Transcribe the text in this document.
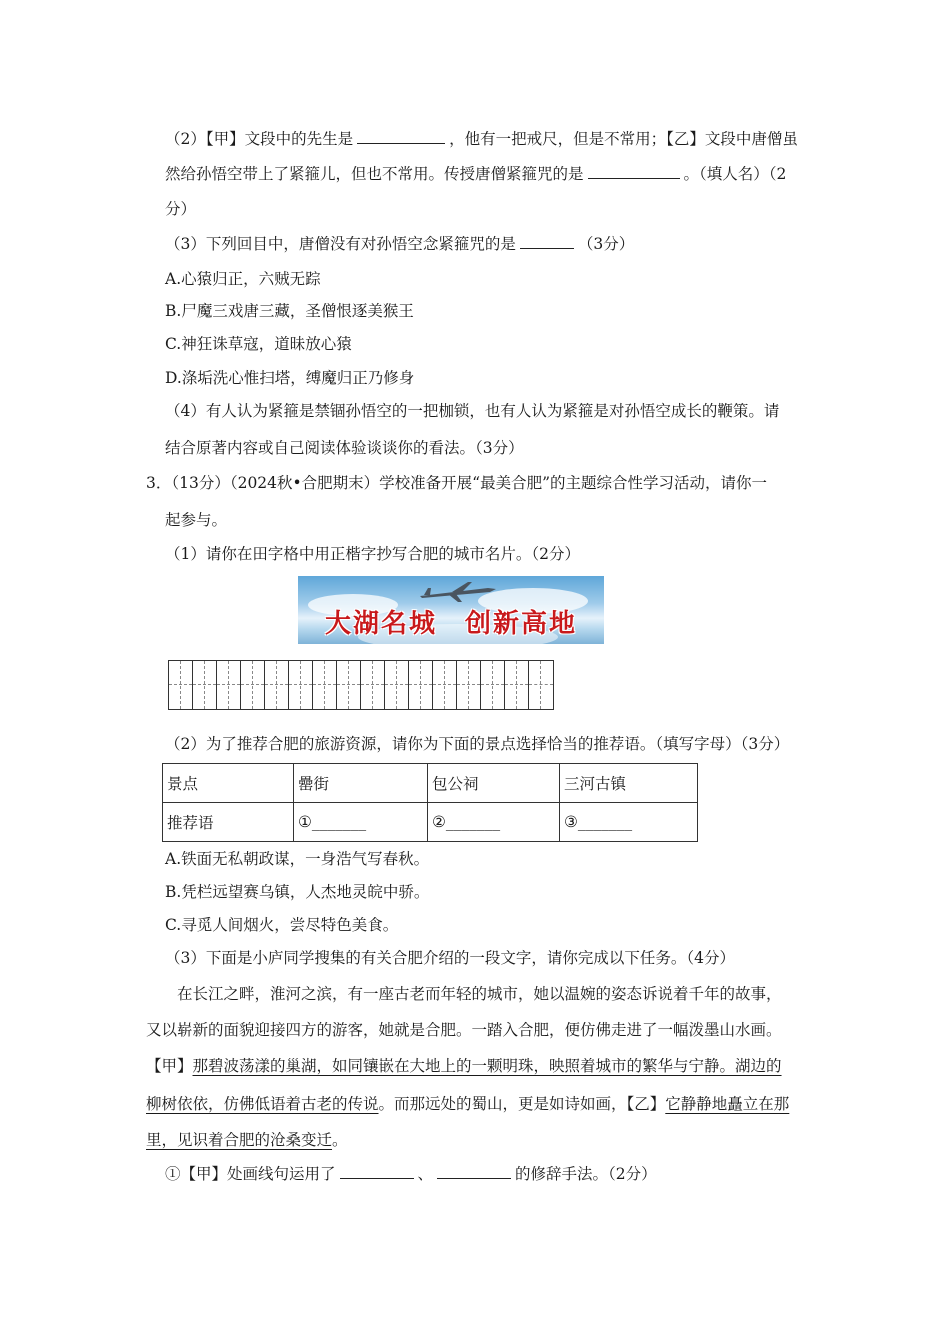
（2）【甲】文段中的先生是	，他有一把戒尺，但是不常用；【乙】文段中唐僧虽
然给孙悟空带上了紧箍儿，但也不常用。传授唐僧紧箍咒的是	。（填人名）（2
分）
（3）下列回目中，唐僧没有对孙悟空念紧箍咒的是	（3分）
A.心猿归正，六贼无踪
B.尸魔三戏唐三藏，圣僧恨逐美猴王
C.神狂诛草寇，道昧放心猿
D.涤垢洗心惟扫塔，缚魔归正乃修身
（4）有人认为紧箍是禁锢孙悟空的一把枷锁，也有人认为紧箍是对孙悟空成长的鞭策。请
结合原著内容或自己阅读体验谈谈你的看法。（3分）
3．（13分）（2024秋•合肥期末）学校准备开展“最美合肥”的主题综合性学习活动，请你一
起参与。
（1）请你在田字格中用正楷字抄写合肥的城市名片。（2分）
大湖名城　创新高地
（2）为了推荐合肥的旅游资源，请你为下面的景点选择恰当的推荐语。（填写字母）（3分）
景点	罍街	包公祠	三河古镇
推荐语	①_______	②_______	③_______
A.铁面无私朝政谋，一身浩气写春秋。
B.凭栏远望赛乌镇，人杰地灵皖中骄。
C.寻觅人间烟火，尝尽特色美食。
（3）下面是小庐同学搜集的有关合肥介绍的一段文字，请你完成以下任务。（4分）
在长江之畔，淮河之滨，有一座古老而年轻的城市，她以温婉的姿态诉说着千年的故事，
又以崭新的面貌迎接四方的游客，她就是合肥。一踏入合肥，便仿佛走进了一幅泼墨山水画。
【甲】那碧波荡漾的巢湖，如同镶嵌在大地上的一颗明珠，映照着城市的繁华与宁静。湖边的
柳树依依，仿佛低语着古老的传说。而那远处的蜀山，更是如诗如画，【乙】它静静地矗立在那
里，见识着合肥的沧桑变迁。
①【甲】处画线句运用了	、	的修辞手法。（2分）
